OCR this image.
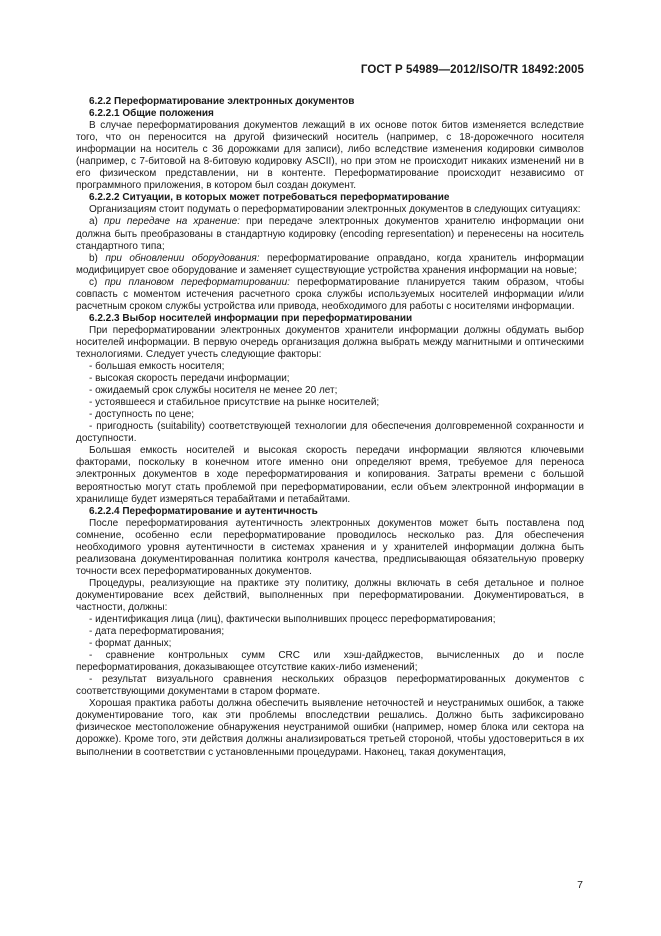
ГОСТ Р 54989—2012/ISO/TR 18492:2005

6.2.2 Переформатирование электронных документов

6.2.2.1 Общие положения

В случае переформатирования документов лежащий в их основе поток битов изменяется вследствие того, что он переносится на другой физический носитель (например, с 18-дорожечного носителя информации на носитель с 36 дорожками для записи), либо вследствие изменения кодировки символов (например, с 7-битовой на 8-битовую кодировку ASCII), но при этом не происходит никаких изменений ни в его физическом представлении, ни в контенте. Переформатирование происходит независимо от программного приложения, в котором был создан документ.

6.2.2.2 Ситуации, в которых может потребоваться переформатирование

Организациям стоит подумать о переформатировании электронных документов в следующих ситуациях:

a) при передаче на хранение: при передаче электронных документов хранителю информации они должна быть преобразованы в стандартную кодировку (encoding representation) и перенесены на носитель стандартного типа;

b) при обновлении оборудования: переформатирование оправдано, когда хранитель информации модифицирует свое оборудование и заменяет существующие устройства хранения информации на новые;

c) при плановом переформатировании: переформатирование планируется таким образом, чтобы совпасть с моментом истечения расчетного срока службы используемых носителей информации и/или расчетным сроком службы устройства или привода, необходимого для работы с носителями информации.

6.2.2.3 Выбор носителей информации при переформатировании

При переформатировании электронных документов хранители информации должны обдумать выбор носителей информации. В первую очередь организация должна выбрать между магнитными и оптическими технологиями. Следует учесть следующие факторы:

- большая емкость носителя;

- высокая скорость передачи информации;

- ожидаемый срок службы носителя не менее 20 лет;

- устоявшееся и стабильное присутствие на рынке носителей;

- доступность по цене;

- пригодность (suitability) соответствующей технологии для обеспечения долговременной сохранности и доступности.

Большая емкость носителей и высокая скорость передачи информации являются ключевыми факторами, поскольку в конечном итоге именно они определяют время, требуемое для переноса электронных документов в ходе переформатирования и копирования. Затраты времени с большой вероятностью могут стать проблемой при переформатировании, если объем электронной информации в хранилище будет измеряться терабайтами и петабайтами.

6.2.2.4 Переформатирование и аутентичность

После переформатирования аутентичность электронных документов может быть поставлена под сомнение, особенно если переформатирование проводилось несколько раз. Для обеспечения необходимого уровня аутентичности в системах хранения и у хранителей информации должна быть реализована документированная политика контроля качества, предписывающая обязательную проверку точности всех переформатированных документов.

Процедуры, реализующие на практике эту политику, должны включать в себя детальное и полное документирование всех действий, выполненных при переформатировании. Документироваться, в частности, должны:

- идентификация лица (лиц), фактически выполнивших процесс переформатирования;

- дата переформатирования;

- формат данных;

- сравнение контрольных сумм CRC или хэш-дайджестов, вычисленных до и после переформатирования, доказывающее отсутствие каких-либо изменений;

- результат визуального сравнения нескольких образцов переформатированных документов с соответствующими документами в старом формате.

Хорошая практика работы должна обеспечить выявление неточностей и неустранимых ошибок, а также документирование того, как эти проблемы впоследствии решались. Должно быть зафиксировано физическое местоположение обнаружения неустранимой ошибки (например, номер блока или сектора на дорожке). Кроме того, эти действия должны анализироваться третьей стороной, чтобы удостовериться в их выполнении в соответствии с установленными процедурами. Наконец, такая документация,

7
